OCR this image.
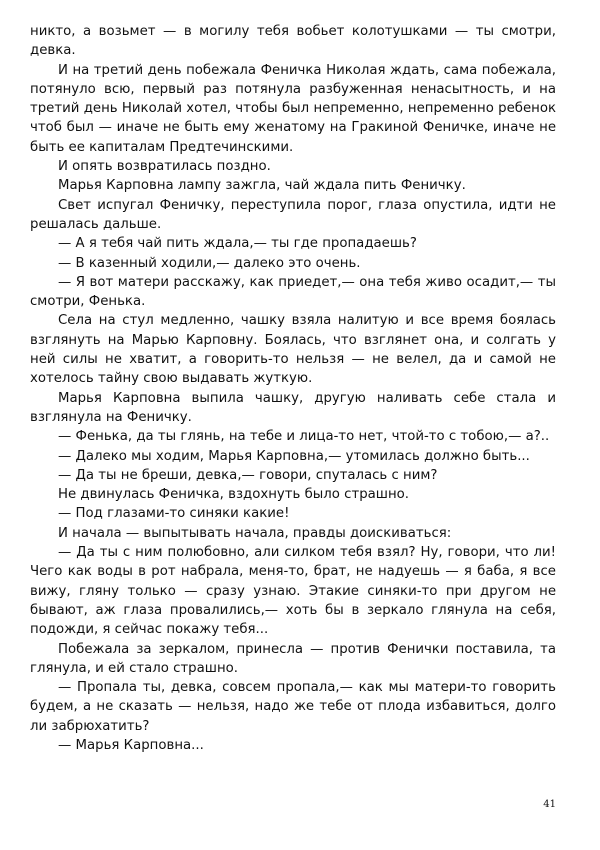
никто, а возьмет — в могилу тебя вобьет колотушками — ты смотри, девка.

И на третий день побежала Феничка Николая ждать, сама побежала, потянуло всю, первый раз потянула разбуженная ненасытность, и на третий день Николай хотел, чтобы был непременно, непременно ребенок чтоб был — иначе не быть ему женатому на Гракиной Феничке, иначе не быть ее капиталам Предтечинскими.

И опять возвратилась поздно.

Марья Карповна лампу зажгла, чай ждала пить Феничку.

Свет испугал Феничку, переступила порог, глаза опустила, идти не решалась дальше.

— А я тебя чай пить ждала,— ты где пропадаешь?

— В казенный ходили,— далеко это очень.

— Я вот матери расскажу, как приедет,— она тебя живо осадит,— ты смотри, Фенька.

Села на стул медленно, чашку взяла налитую и все время боялась взглянуть на Марью Карповну. Боялась, что взглянет она, и солгать у ней силы не хватит, а говорить-то нельзя — не велел, да и самой не хотелось тайну свою выдавать жуткую.

Марья Карповна выпила чашку, другую наливать себе стала и взглянула на Феничку.

— Фенька, да ты глянь, на тебе и лица-то нет, чтой-то с тобою,— а?..

— Далеко мы ходим, Марья Карповна,— утомилась должно быть...

— Да ты не бреши, девка,— говори, спуталась с ним?

Не двинулась Феничка, вздохнуть было страшно.

— Под глазами-то синяки какие!

И начала — выпытывать начала, правды доискиваться:

— Да ты с ним полюбовно, али силком тебя взял? Ну, говори, что ли! Чего как воды в рот набрала, меня-то, брат, не надуешь — я баба, я все вижу, гляну только — сразу узнаю. Этакие синяки-то при другом не бывают, аж глаза провалились,— хоть бы в зеркало глянула на себя, подожди, я сейчас покажу тебя...

Побежала за зеркалом, принесла — против Фенички поставила, та глянула, и ей стало страшно.

— Пропала ты, девка, совсем пропала,— как мы матери-то говорить будем, а не сказать — нельзя, надо же тебе от плода избавиться, долго ли забрюхатить?

— Марья Карповна...

41
